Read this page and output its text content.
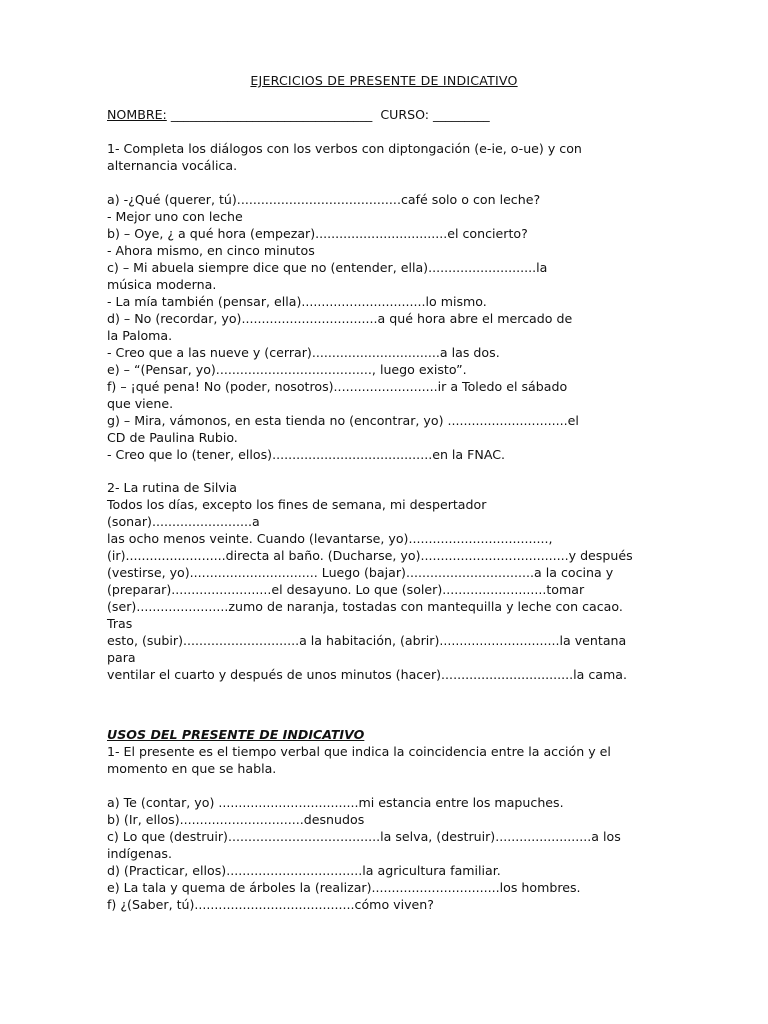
EJERCICIOS DE PRESENTE DE INDICATIVO
NOMBRE: ________________________________ CURSO: _________
1- Completa los diálogos con los verbos con diptongación (e-ie, o-ue) y con
alternancia vocálica.
a) -¿Qué (querer, tú).........................................café solo o con leche?
- Mejor uno con leche
b) – Oye, ¿ a qué hora (empezar).................................el concierto?
- Ahora mismo, en cinco minutos
c) – Mi abuela siempre dice que no (entender, ella)...........................la
música moderna.
- La mía también (pensar, ella)...............................lo mismo.
d) – No (recordar, yo)..................................a qué hora abre el mercado de
la Paloma.
- Creo que a las nueve y (cerrar)................................a las dos.
e) – “(Pensar, yo)......................................., luego existo”.
f) – ¡qué pena! No (poder, nosotros)..........................ir a Toledo el sábado
que viene.
g) – Mira, vámonos, en esta tienda no (encontrar, yo) ..............................el
CD de Paulina Rubio.
- Creo que lo (tener, ellos)........................................en la FNAC.
2- La rutina de Silvia
Todos los días, excepto los fines de semana, mi despertador
(sonar).........................a
las ocho menos veinte. Cuando (levantarse, yo)...................................,
(ir).........................directa al baño. (Ducharse, yo).....................................y después
(vestirse, yo)................................ Luego (bajar)................................a la cocina y
(preparar).........................el desayuno. Lo que (soler)..........................tomar
(ser).......................zumo de naranja, tostadas con mantequilla y leche con cacao.
Tras
esto, (subir).............................a la habitación, (abrir)..............................la ventana
para
ventilar el cuarto y después de unos minutos (hacer).................................la cama.
USOS DEL PRESENTE DE INDICATIVO
1- El presente es el tiempo verbal que indica la coincidencia entre la acción y el
momento en que se habla.

a) Te (contar, yo) ...................................mi estancia entre los mapuches.
b) (Ir, ellos)...............................desnudos
c) Lo que (destruir)......................................la selva, (destruir)........................a los
indígenas.
d) (Practicar, ellos)..................................la agricultura familiar.
e) La tala y quema de árboles la (realizar)................................los hombres.
f) ¿(Saber, tú)........................................cómo viven?
